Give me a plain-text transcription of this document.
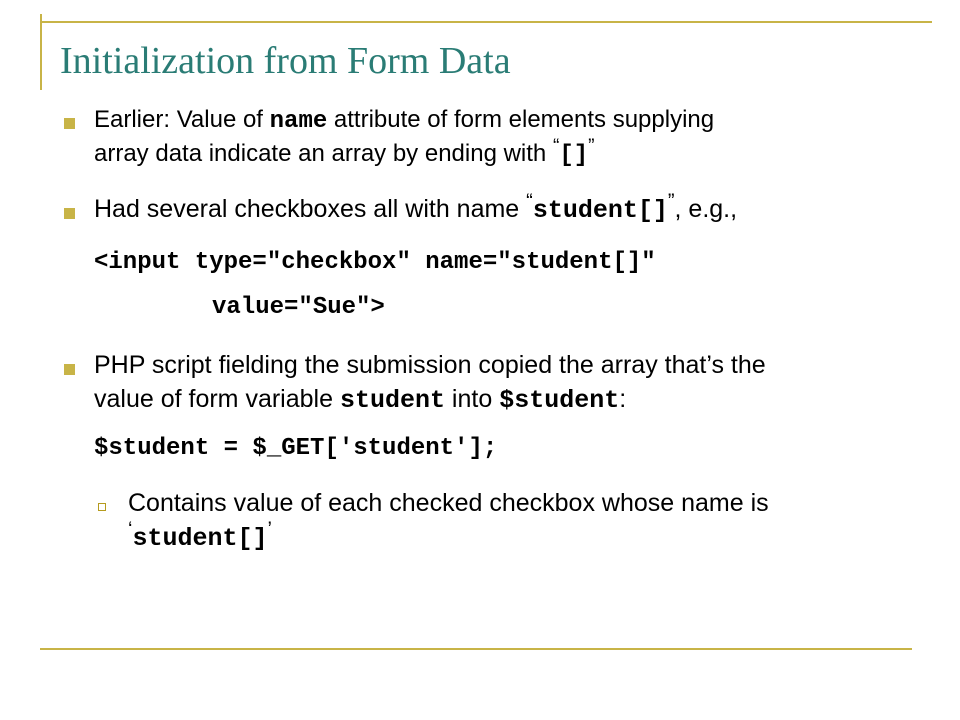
Initialization from Form Data
Earlier: Value of name attribute of form elements supplying
array data indicate an array by ending with “[]”
Had several checkboxes all with name “student[]”, e.g.,
<input type="checkbox" name="student[]"
value="Sue">
PHP script fielding the submission copied the array that’s the
value of form variable student into $student:
$student = $_GET['student'];
Contains value of each checked checkbox whose name is
‘student[]’
